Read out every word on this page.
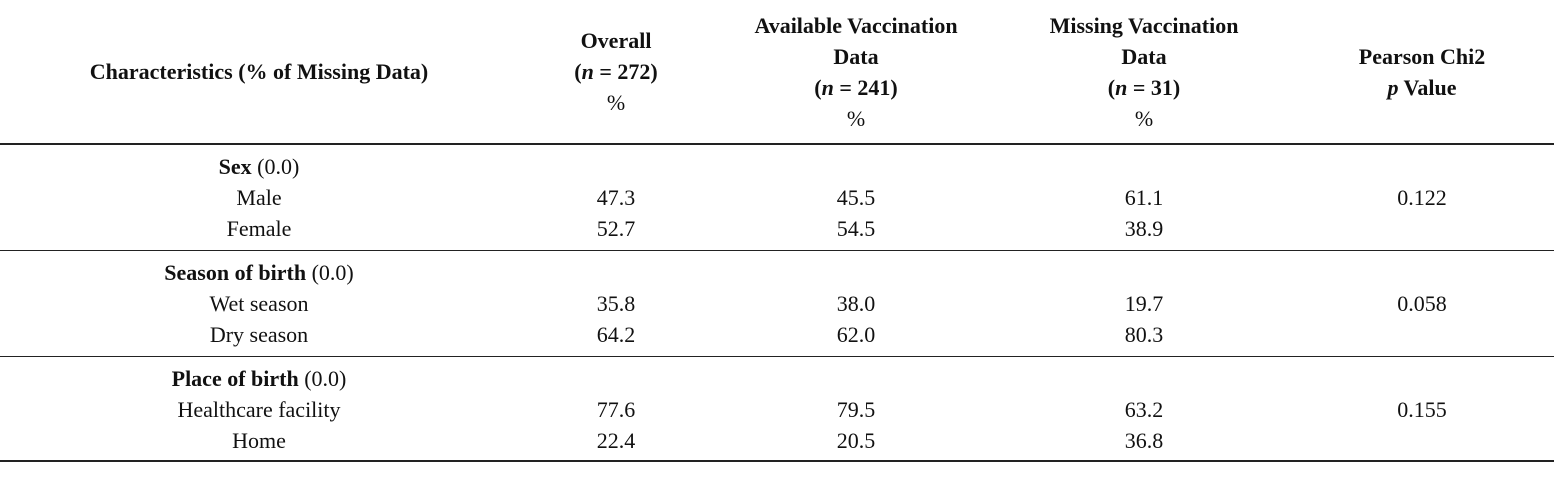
Characteristics (% of Missing Data)	Overall
(n = 272)
%	Available Vaccination
Data
(n = 241)
%	Missing Vaccination
Data
(n = 31)
%	Pearson Chi2
p Value

Sex (0.0)				
Male	47.3	45.5	61.1	0.122
Female	52.7	54.5	38.9	
Season of birth (0.0)				
Wet season	35.8	38.0	19.7	0.058
Dry season	64.2	62.0	80.3	
Place of birth (0.0)				
Healthcare facility	77.6	79.5	63.2	0.155
Home	22.4	20.5	36.8	
